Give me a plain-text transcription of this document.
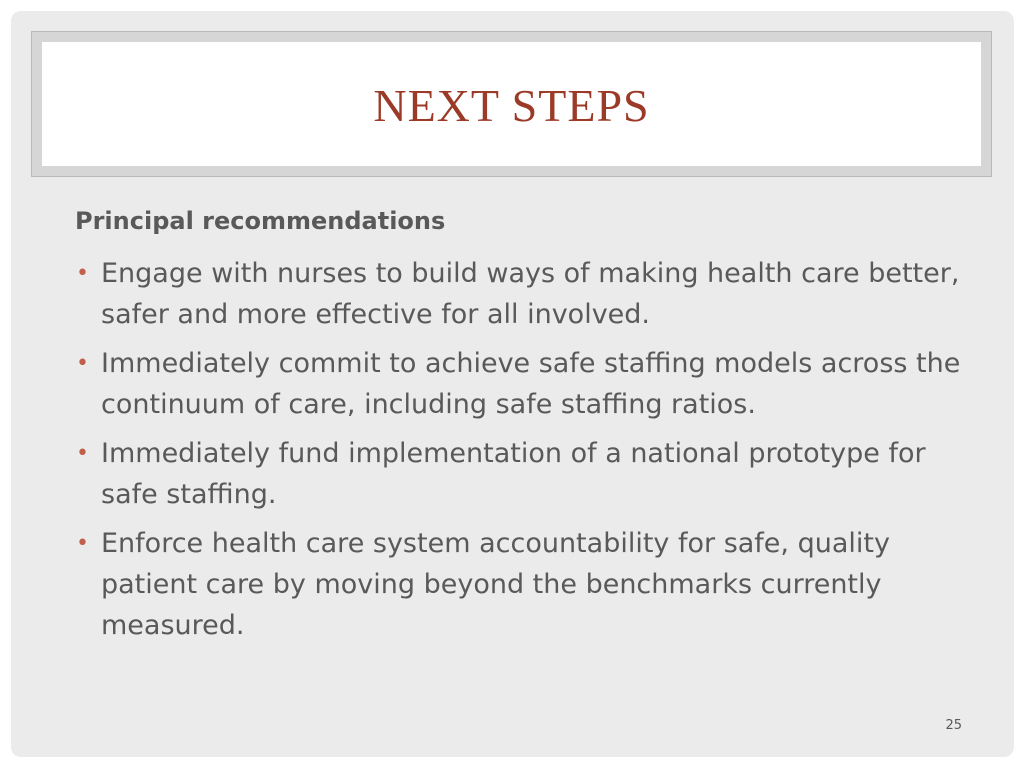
NEXT STEPS
Principal recommendations
• Engage with nurses to build ways of making health care better, safer and more effective for all involved.
• Immediately commit to achieve safe staffing models across the continuum of care, including safe staffing ratios.
• Immediately fund implementation of a national prototype for safe staffing.
• Enforce health care system accountability for safe, quality patient care by moving beyond the benchmarks currently measured.
25
